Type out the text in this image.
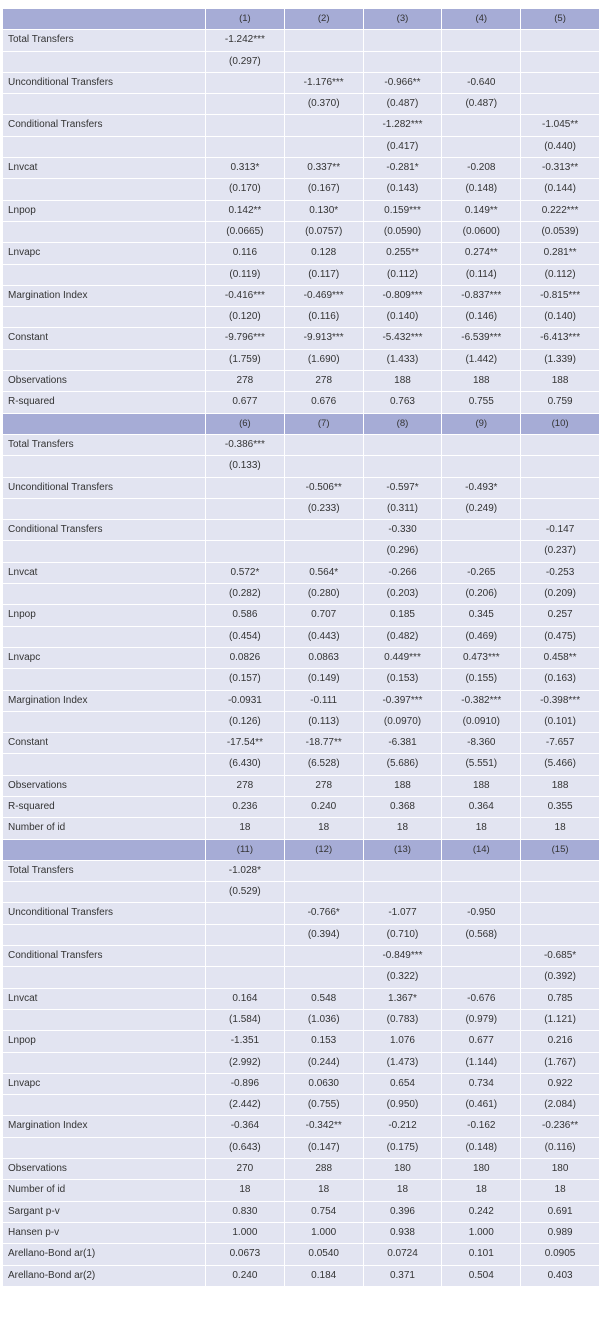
	(1)	(2)	(3)	(4)	(5)
Total Transfers	-1.242***				
	(0.297)				
Unconditional Transfers		-1.176***	-0.966**	-0.640	
		(0.370)	(0.487)	(0.487)	
Conditional Transfers			-1.282***		-1.045**
			(0.417)		(0.440)
Lnvcat	0.313*	0.337**	-0.281*	-0.208	-0.313**
	(0.170)	(0.167)	(0.143)	(0.148)	(0.144)
Lnpop	0.142**	0.130*	0.159***	0.149**	0.222***
	(0.0665)	(0.0757)	(0.0590)	(0.0600)	(0.0539)
Lnvapc	0.116	0.128	0.255**	0.274**	0.281**
	(0.119)	(0.117)	(0.112)	(0.114)	(0.112)
Margination Index	-0.416***	-0.469***	-0.809***	-0.837***	-0.815***
	(0.120)	(0.116)	(0.140)	(0.146)	(0.140)
Constant	-9.796***	-9.913***	-5.432***	-6.539***	-6.413***
	(1.759)	(1.690)	(1.433)	(1.442)	(1.339)
Observations	278	278	188	188	188
R-squared	0.677	0.676	0.763	0.755	0.759
	(6)	(7)	(8)	(9)	(10)
Total Transfers	-0.386***				
	(0.133)				
Unconditional Transfers		-0.506**	-0.597*	-0.493*	
		(0.233)	(0.311)	(0.249)	
Conditional Transfers			-0.330		-0.147
			(0.296)		(0.237)
Lnvcat	0.572*	0.564*	-0.266	-0.265	-0.253
	(0.282)	(0.280)	(0.203)	(0.206)	(0.209)
Lnpop	0.586	0.707	0.185	0.345	0.257
	(0.454)	(0.443)	(0.482)	(0.469)	(0.475)
Lnvapc	0.0826	0.0863	0.449***	0.473***	0.458**
	(0.157)	(0.149)	(0.153)	(0.155)	(0.163)
Margination Index	-0.0931	-0.111	-0.397***	-0.382***	-0.398***
	(0.126)	(0.113)	(0.0970)	(0.0910)	(0.101)
Constant	-17.54**	-18.77**	-6.381	-8.360	-7.657
	(6.430)	(6.528)	(5.686)	(5.551)	(5.466)
Observations	278	278	188	188	188
R-squared	0.236	0.240	0.368	0.364	0.355
Number of id	18	18	18	18	18
	(11)	(12)	(13)	(14)	(15)
Total Transfers	-1.028*				
	(0.529)				
Unconditional Transfers		-0.766*	-1.077	-0.950	
		(0.394)	(0.710)	(0.568)	
Conditional Transfers			-0.849***		-0.685*
			(0.322)		(0.392)
Lnvcat	0.164	0.548	1.367*	-0.676	0.785
	(1.584)	(1.036)	(0.783)	(0.979)	(1.121)
Lnpop	-1.351	0.153	1.076	0.677	0.216
	(2.992)	(0.244)	(1.473)	(1.144)	(1.767)
Lnvapc	-0.896	0.0630	0.654	0.734	0.922
	(2.442)	(0.755)	(0.950)	(0.461)	(2.084)
Margination Index	-0.364	-0.342**	-0.212	-0.162	-0.236**
	(0.643)	(0.147)	(0.175)	(0.148)	(0.116)
Observations	270	288	180	180	180
Number of id	18	18	18	18	18
Sargant p-v	0.830	0.754	0.396	0.242	0.691
Hansen p-v	1.000	1.000	0.938	1.000	0.989
Arellano-Bond ar(1)	0.0673	0.0540	0.0724	0.101	0.0905
Arellano-Bond ar(2)	0.240	0.184	0.371	0.504	0.403
